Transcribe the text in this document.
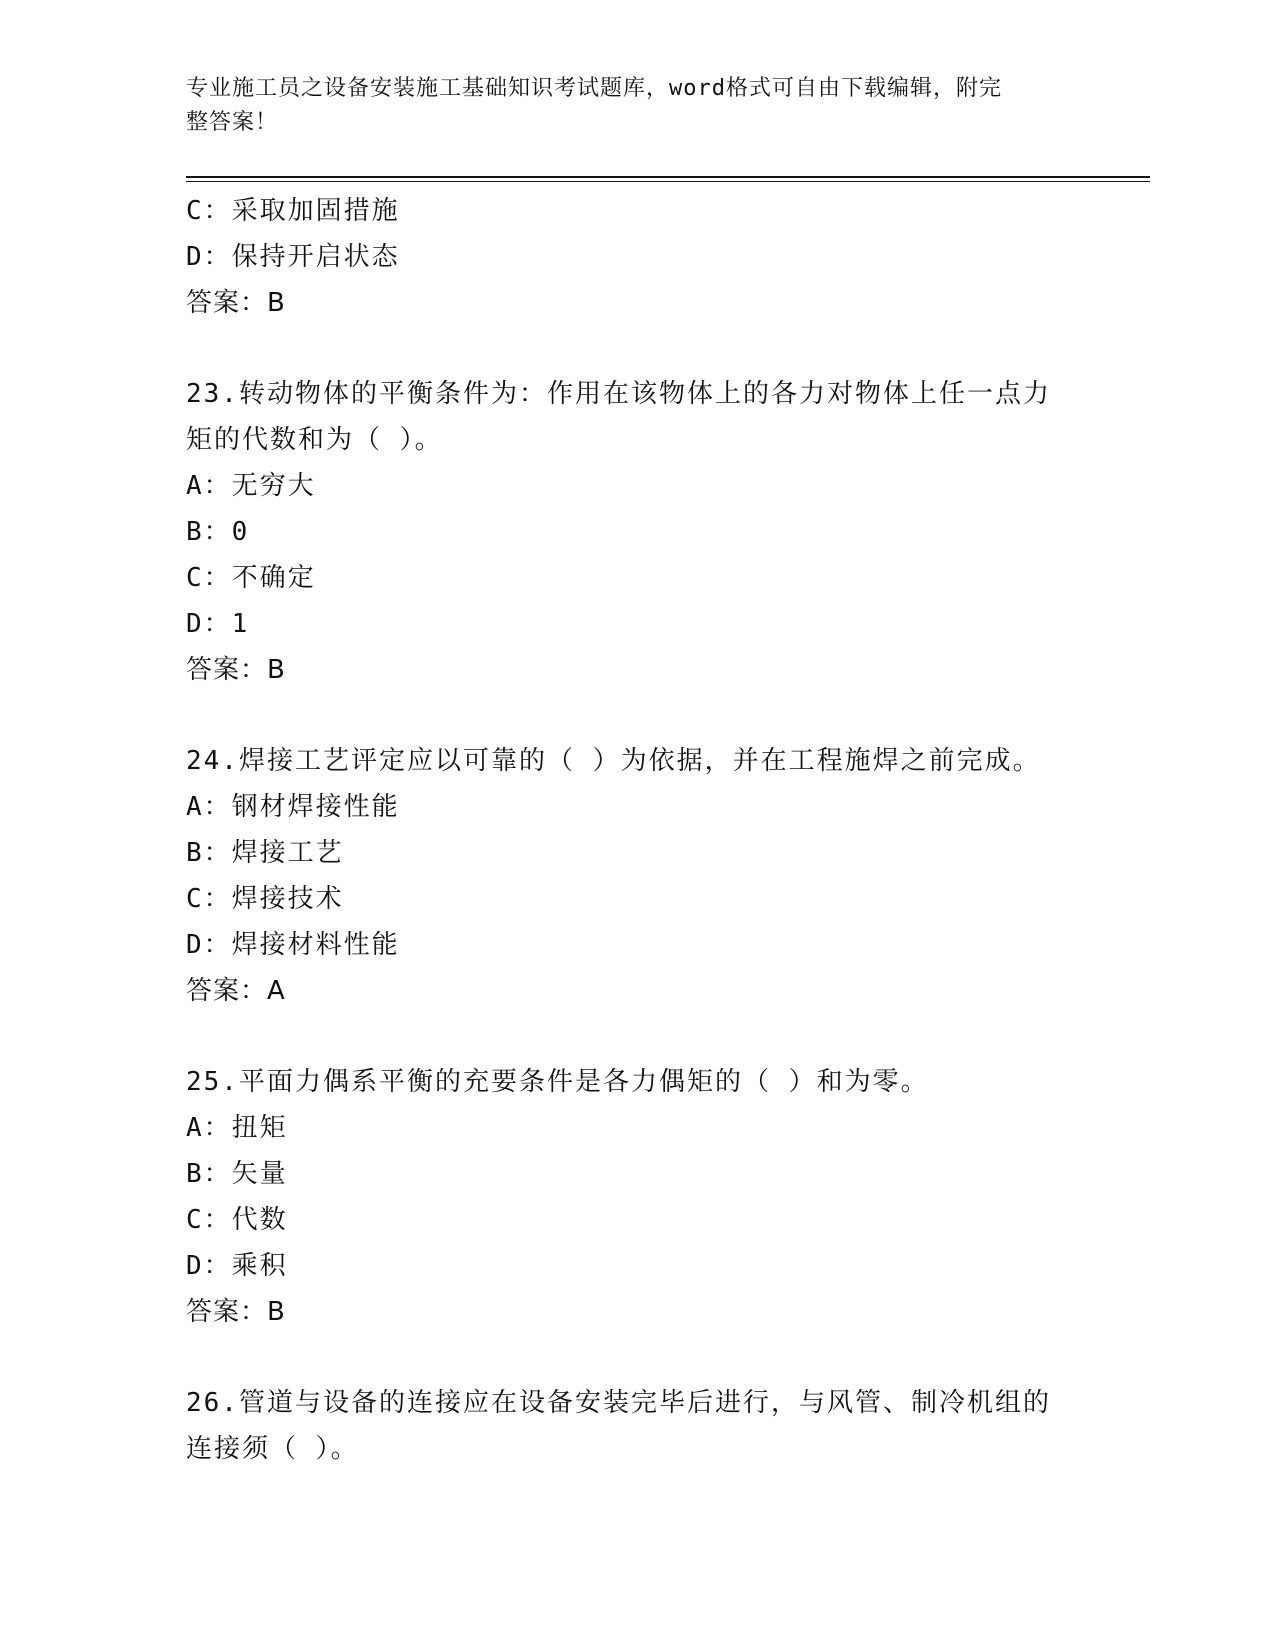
专业施工员之设备安装施工基础知识考试题库，word格式可自由下载编辑，附完
整答案！
C：采取加固措施
D：保持开启状态
答案：B
23.转动物体的平衡条件为：作用在该物体上的各力对物体上任一点力
矩的代数和为（ ）。
A：无穷大
B：0
C：不确定
D：1
答案：B
24.焊接工艺评定应以可靠的（ ）为依据，并在工程施焊之前完成。
A：钢材焊接性能
B：焊接工艺
C：焊接技术
D：焊接材料性能
答案：A
25.平面力偶系平衡的充要条件是各力偶矩的（ ）和为零。
A：扭矩
B：矢量
C：代数
D：乘积
答案：B
26.管道与设备的连接应在设备安装完毕后进行，与风管、制冷机组的
连接须（ ）。
